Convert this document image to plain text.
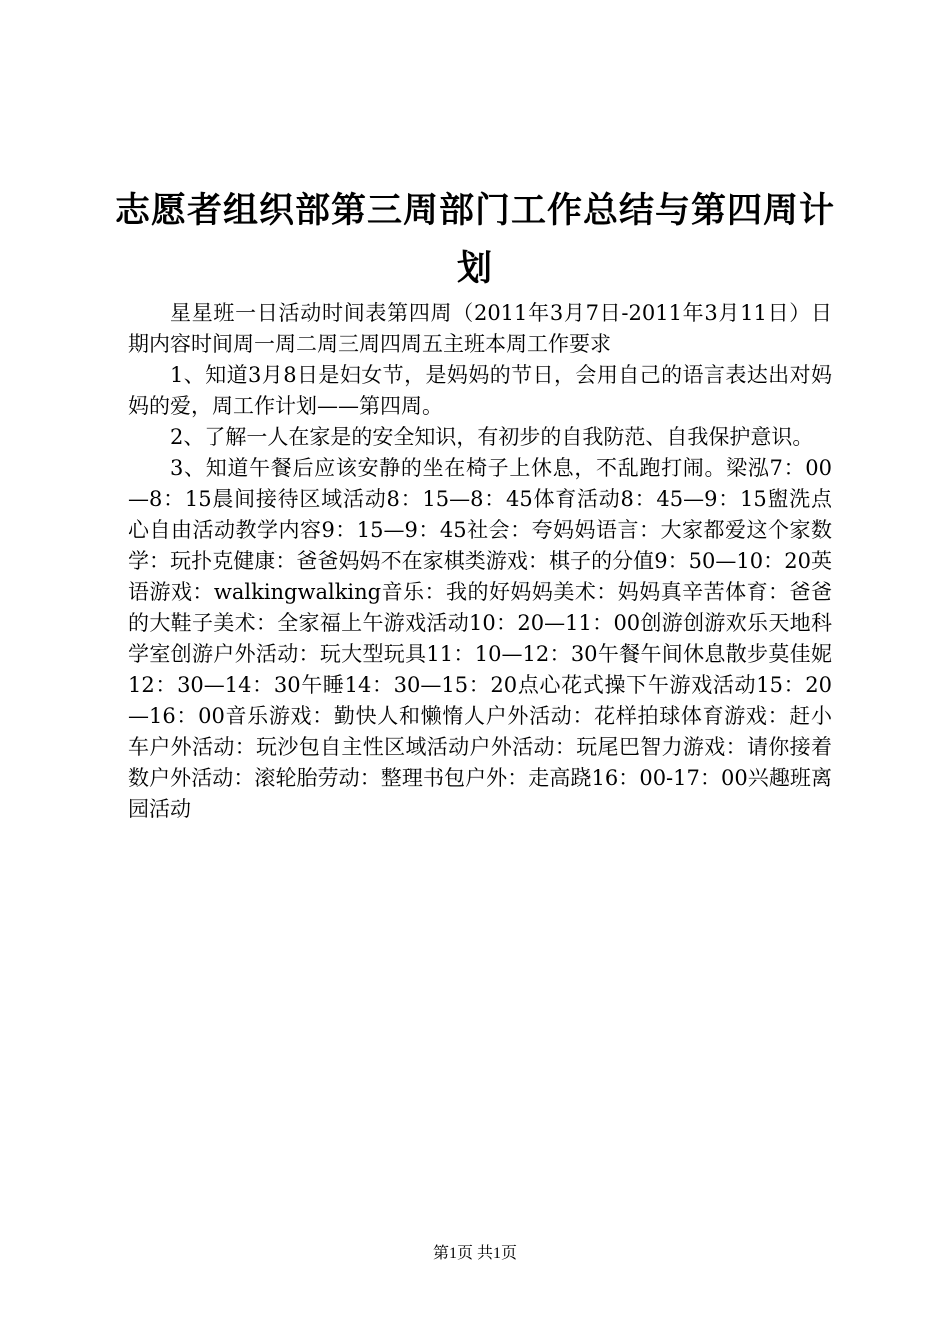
志愿者组织部第三周部门工作总结与第四周计划

星星班一日活动时间表第四周（2011年3月7日-2011年3月11日）日期内容时间周一周二周三周四周五主班本周工作要求

1、知道3月8日是妇女节，是妈妈的节日，会用自己的语言表达出对妈妈的爱，周工作计划——第四周。

2、了解一人在家是的安全知识，有初步的自我防范、自我保护意识。

3、知道午餐后应该安静的坐在椅子上休息，不乱跑打闹。梁泓7：00—8：15晨间接待区域活动8：15—8：45体育活动8：45—9：15盥洗点心自由活动教学内容9：15—9：45社会：夸妈妈语言：大家都爱这个家数学：玩扑克健康：爸爸妈妈不在家棋类游戏：棋子的分值9：50—10：20英语游戏：walkingwalking音乐：我的好妈妈美术：妈妈真辛苦体育：爸爸的大鞋子美术：全家福上午游戏活动10：20—11：00创游创游欢乐天地科学室创游户外活动：玩大型玩具11：10—12：30午餐午间休息散步莫佳妮12：30—14：30午睡14：30—15：20点心花式操下午游戏活动15：20—16：00音乐游戏：勤快人和懒惰人户外活动：花样拍球体育游戏：赶小车户外活动：玩沙包自主性区域活动户外活动：玩尾巴智力游戏：请你接着数户外活动：滚轮胎劳动：整理书包户外：走高跷16：00-17：00兴趣班离园活动

第1页 共1页
